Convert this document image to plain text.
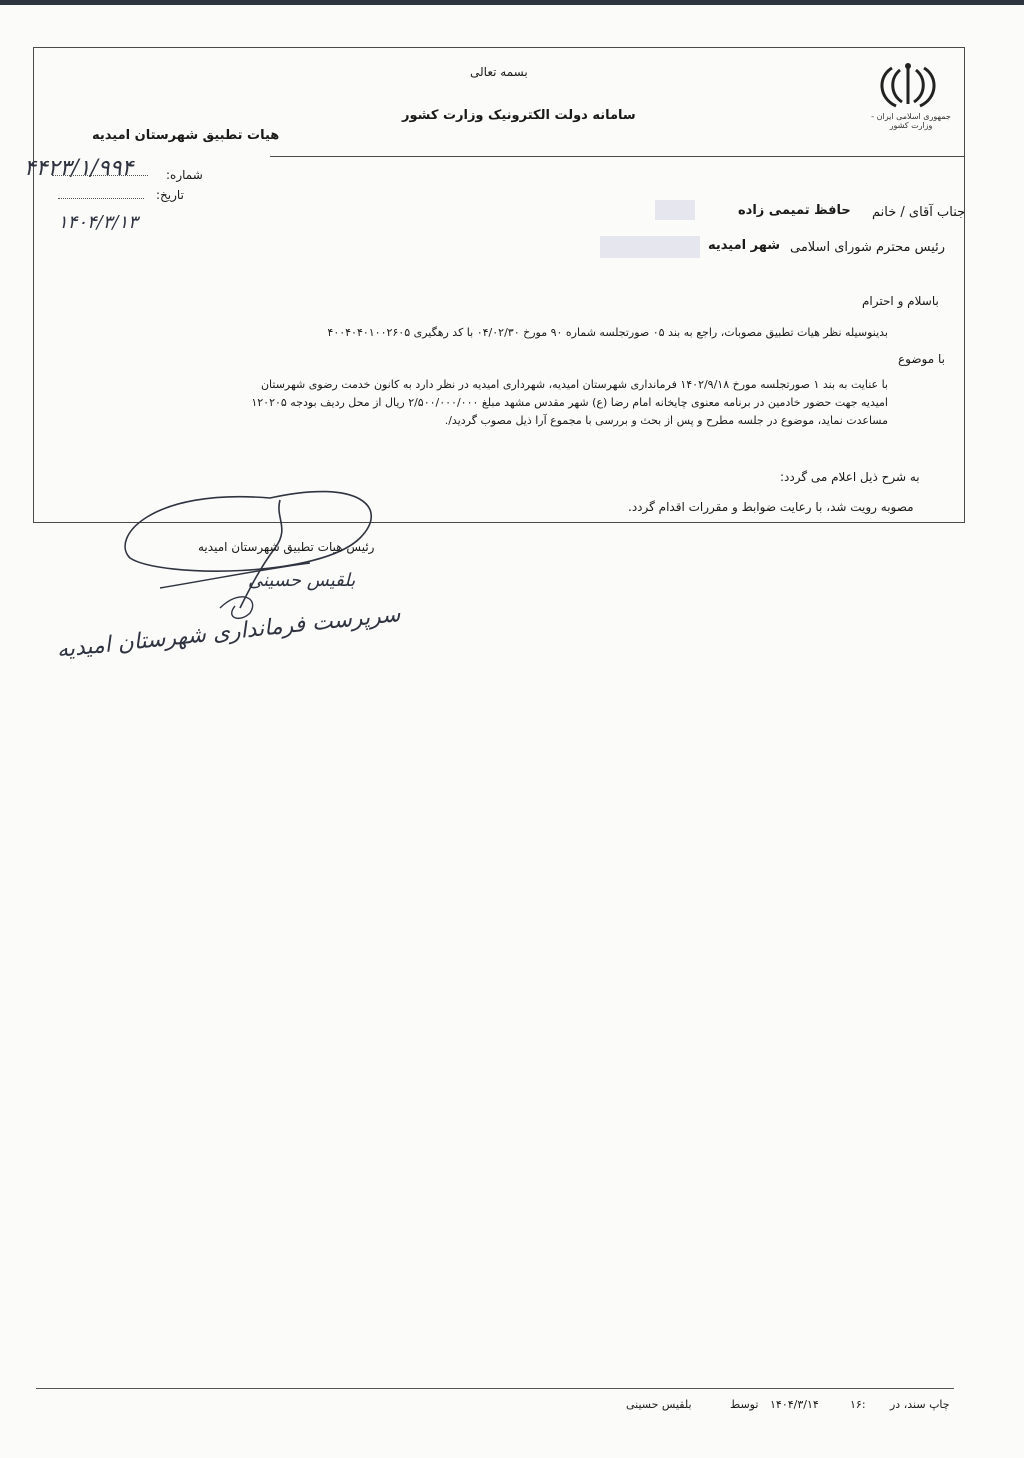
جمهوری اسلامی ایران - وزارت کشور
بسمه تعالی
سامانه دولت الکترونیک وزارت کشور
هیات تطبیق شهرستان امیدیه
شماره:
۴۴۲۳/۱/۹۹۴
تاریخ:
۱۴۰۴/۳/۱۳	جناب آقای / خانم
حافظ تمیمی زاده
رئیس محترم شورای اسلامی
شهر امیدیه
باسلام و احترام
بدینوسیله نظر هیات تطبیق مصوبات، راجع به بند ۰۵ صورتجلسه شماره ۹۰ مورخ ۰۴/۰۲/۳۰ با کد رهگیری ۴۰۰۴۰۴۰۱۰۰۲۶۰۵
با موضوع
با عنایت به بند ۱ صورتجلسه مورخ ۱۴۰۲/۹/۱۸ فرمانداری شهرستان امیدیه، شهرداری امیدیه در نظر دارد به کانون خدمت رضوی شهرستان
امیدیه جهت حضور خادمین در برنامه معنوی چایخانه امام رضا (ع) شهر مقدس مشهد مبلغ ۲/۵۰۰/۰۰۰/۰۰۰ ریال از محل ردیف بودجه ۱۲۰۲۰۵
مساعدت نماید، موضوع در جلسه مطرح و پس از بحث و بررسی با مجموع آرا ذیل مصوب گردید/.
به شرح ذیل اعلام می گردد:
مصوبه رویت شد، با رعایت ضوابط و مقررات اقدام گردد.
رئیس هیات تطبیق شهرستان امیدیه
بلقیس حسینی
سرپرست فرمانداری شهرستان امیدیه
چاپ سند، در
۱۶:
۱۴۰۴/۳/۱۴
توسط
بلقیس حسینی
